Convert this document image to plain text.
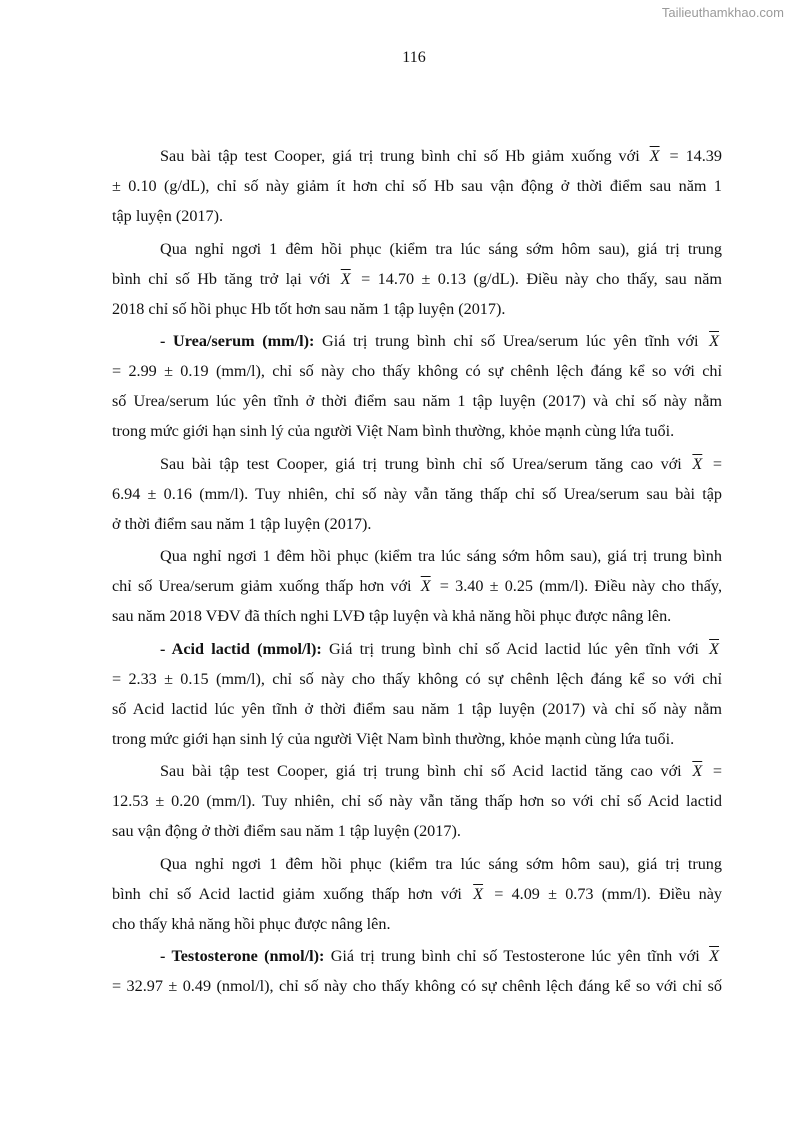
Tailieuthamkhao.com
116
Sau bài tập test Cooper, giá trị trung bình chỉ số Hb giảm xuống với $\overline{X} = 14.39$
± 0.10 (g/dL), chỉ số này giảm ít hơn chỉ số Hb sau vận động ở thời điểm sau năm 1
tập luyện (2017).
Qua nghỉ ngơi 1 đêm hồi phục (kiểm tra lúc sáng sớm hôm sau), giá trị trung
bình chỉ số Hb tăng trở lại với $\overline{X} = 14.70 \pm 0.13$ (g/dL). Điều này cho thấy, sau năm
2018 chỉ số hồi phục Hb tốt hơn sau năm 1 tập luyện (2017).
- Urea/serum (mm/l): Giá trị trung bình chỉ số Urea/serum lúc yên tĩnh với $\overline{X}$
= 2.99 ± 0.19 (mm/l), chỉ số này cho thấy không có sự chênh lệch đáng kể so với chỉ
số Urea/serum lúc yên tĩnh ở thời điểm sau năm 1 tập luyện (2017) và chỉ số này nằm
trong mức giới hạn sinh lý của người Việt Nam bình thường, khỏe mạnh cùng lứa tuổi.
Sau bài tập test Cooper, giá trị trung bình chỉ số Urea/serum tăng cao với $\overline{X}$ =
6.94 ± 0.16 (mm/l). Tuy nhiên, chỉ số này vẫn tăng thấp chỉ số Urea/serum sau bài tập
ở thời điểm sau năm 1 tập luyện (2017).
Qua nghỉ ngơi 1 đêm hồi phục (kiểm tra lúc sáng sớm hôm sau), giá trị trung bình
chỉ số Urea/serum giảm xuống thấp hơn với $\overline{X} = 3.40 \pm 0.25$ (mm/l). Điều này cho thấy,
sau năm 2018 VĐV đã thích nghi LVĐ tập luyện và khả năng hồi phục được nâng lên.
- Acid lactid (mmol/l): Giá trị trung bình chỉ số Acid lactid lúc yên tĩnh với $\overline{X}$
= 2.33 ± 0.15 (mm/l), chỉ số này cho thấy không có sự chênh lệch đáng kể so với chỉ
số Acid lactid lúc yên tĩnh ở thời điểm sau năm 1 tập luyện (2017) và chỉ số này nằm
trong mức giới hạn sinh lý của người Việt Nam bình thường, khỏe mạnh cùng lứa tuổi.
Sau bài tập test Cooper, giá trị trung bình chỉ số Acid lactid tăng cao với $\overline{X}$ =
12.53 ± 0.20 (mm/l). Tuy nhiên, chỉ số này vẫn tăng thấp hơn so với chỉ số Acid lactid
sau vận động ở thời điểm sau năm 1 tập luyện (2017).
Qua nghỉ ngơi 1 đêm hồi phục (kiểm tra lúc sáng sớm hôm sau), giá trị trung
bình chỉ số Acid lactid giảm xuống thấp hơn với $\overline{X} = 4.09 \pm 0.73$ (mm/l). Điều này
cho thấy khả năng hồi phục được nâng lên.
- Testosterone (nmol/l): Giá trị trung bình chỉ số Testosterone lúc yên tĩnh với $\overline{X}$
= 32.97 ± 0.49 (nmol/l), chỉ số này cho thấy không có sự chênh lệch đáng kể so với chỉ số
